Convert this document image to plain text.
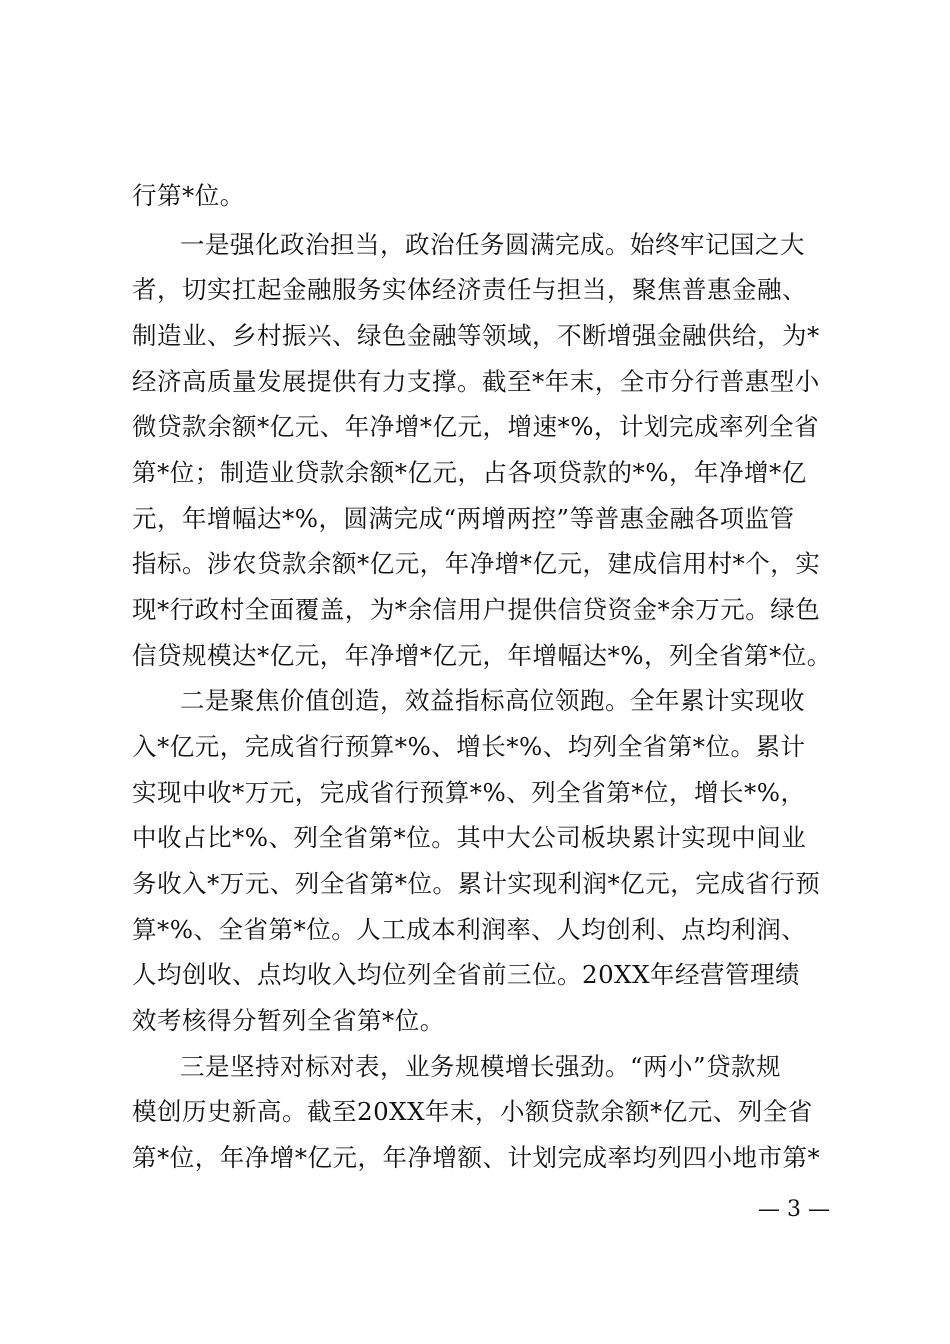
行第*位。
一是强化政治担当，政治任务圆满完成。始终牢记国之大
者，切实扛起金融服务实体经济责任与担当，聚焦普惠金融、
制造业、乡村振兴、绿色金融等领域，不断增强金融供给，为*
经济高质量发展提供有力支撑。截至*年末，全市分行普惠型小
微贷款余额*亿元、年净增*亿元，增速*%，计划完成率列全省
第*位；制造业贷款余额*亿元，占各项贷款的*%，年净增*亿
元，年增幅达*%，圆满完成“两增两控”等普惠金融各项监管
指标。涉农贷款余额*亿元，年净增*亿元，建成信用村*个，实
现*行政村全面覆盖，为*余信用户提供信贷资金*余万元。绿色
信贷规模达*亿元，年净增*亿元，年增幅达*%，列全省第*位。
二是聚焦价值创造，效益指标高位领跑。全年累计实现收
入*亿元，完成省行预算*%、增长*%、均列全省第*位。累计
实现中收*万元，完成省行预算*%、列全省第*位，增长*%，
中收占比*%、列全省第*位。其中大公司板块累计实现中间业
务收入*万元、列全省第*位。累计实现利润*亿元，完成省行预
算*%、全省第*位。人工成本利润率、人均创利、点均利润、
人均创收、点均收入均位列全省前三位。20XX年经营管理绩
效考核得分暂列全省第*位。
三是坚持对标对表，业务规模增长强劲。“两小”贷款规
模创历史新高。截至20XX年末，小额贷款余额*亿元、列全省
第*位，年净增*亿元，年净增额、计划完成率均列四小地市第*
— 3 —
